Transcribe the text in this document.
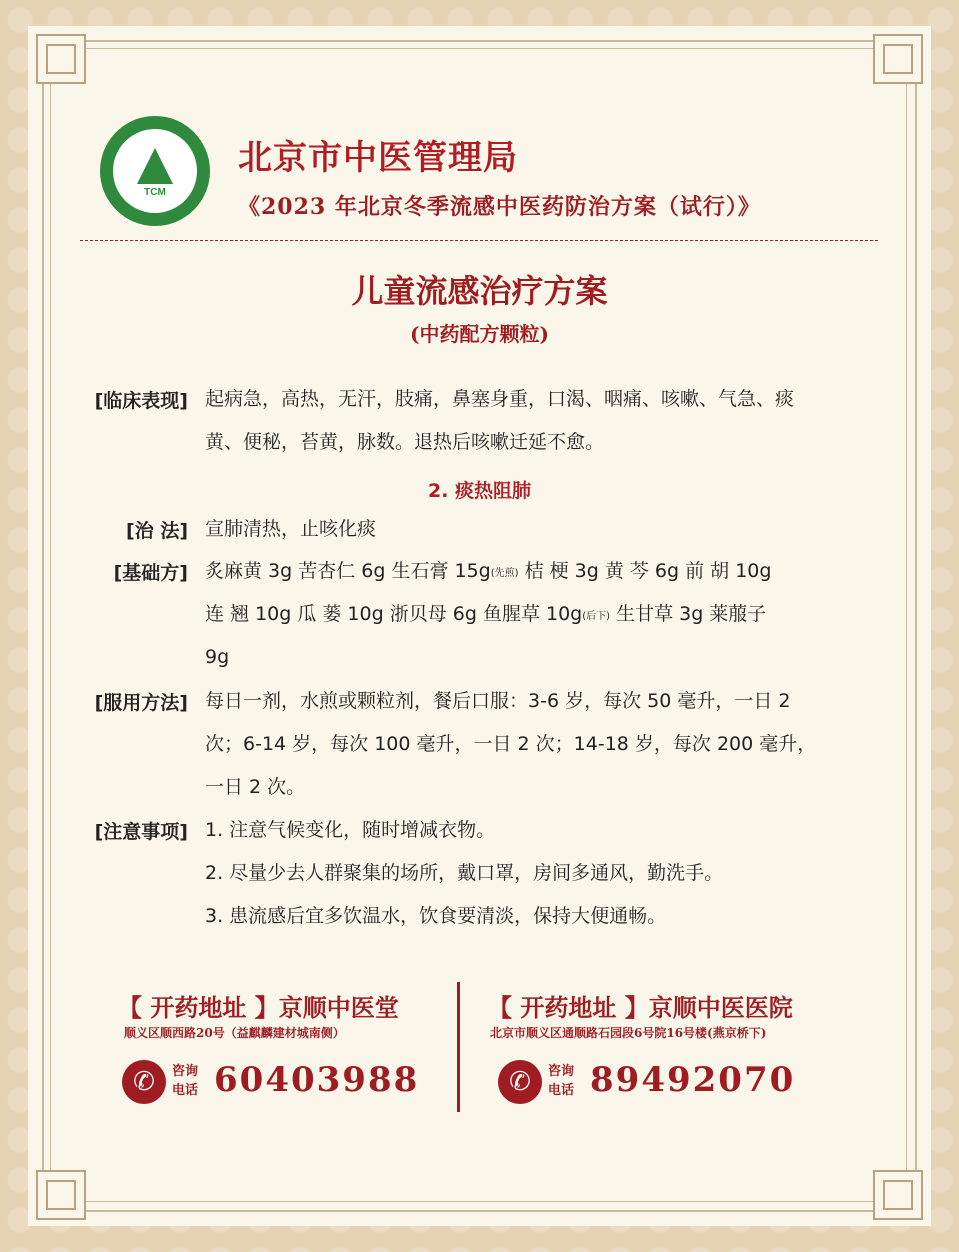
TCM
北京市中医管理局
《2023 年北京冬季流感中医药防治方案（试行）》
儿童流感治疗方案
(中药配方颗粒)
[临床表现] 起病急，高热，无汗，肢痛，鼻塞身重，口渴、咽痛、咳嗽、气急、痰
黄、便秘，苔黄，脉数。退热后咳嗽迁延不愈。
2. 痰热阻肺
[治 法] 宣肺清热，止咳化痰
[基础方] 炙麻黄 3g 苦杏仁 6g 生石膏 $15g^{(先煎)}$ 桔 梗 3g 黄 芩 6g 前 胡 10g
连 翘 10g 瓜 蒌 10g 浙贝母 6g 鱼腥草 $10g^{(后下)}$ 生甘草 3g 莱菔子
9g
[服用方法] 每日一剂，水煎或颗粒剂，餐后口服：3-6 岁，每次 50 毫升，一日 2
次；6-14 岁，每次 100 毫升，一日 2 次；14-18 岁，每次 200 毫升，
一日 2 次。
[注意事项] 1. 注意气候变化，随时增减衣物。
2. 尽量少去人群聚集的场所，戴口罩，房间多通风，勤洗手。
3. 患流感后宜多饮温水，饮食要清淡，保持大便通畅。
【 开药地址 】京顺中医堂
顺义区顺西路20号（益麒麟建材城南侧）
✆	咨询
电话 60403988
【 开药地址 】京顺中医医院
北京市顺义区通顺路石园段6号院16号楼(燕京桥下)
✆	咨询
电话 89492070
